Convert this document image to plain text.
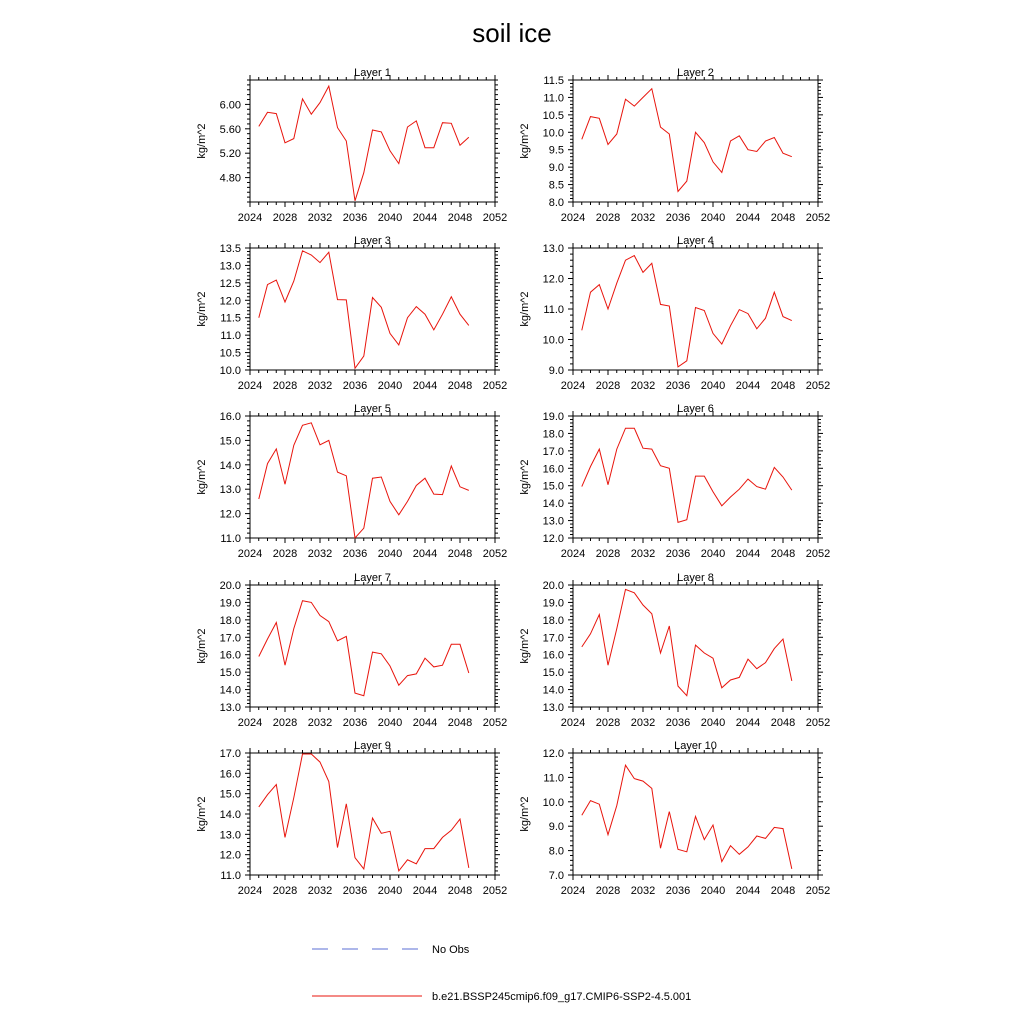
soil ice
Layer 1
2024 2028 2032 2036 2040 2044 2048 2052
4.80
5.20
5.60
6.00
kg/m^2
Layer 2
2024 2028 2032 2036 2040 2044 2048 2052
8.0
8.5
9.0
9.5
10.0
10.5
11.0
11.5
kg/m^2
Layer 3
2024 2028 2032 2036 2040 2044 2048 2052
10.0
10.5
11.0
11.5
12.0
12.5
13.0
13.5
kg/m^2
Layer 4
2024 2028 2032 2036 2040 2044 2048 2052
9.0
10.0
11.0
12.0
13.0
kg/m^2
Layer 5
2024 2028 2032 2036 2040 2044 2048 2052
11.0
12.0
13.0
14.0
15.0
16.0
kg/m^2
Layer 6
2024 2028 2032 2036 2040 2044 2048 2052
12.0
13.0
14.0
15.0
16.0
17.0
18.0
19.0
kg/m^2
Layer 7
2024 2028 2032 2036 2040 2044 2048 2052
13.0
14.0
15.0
16.0
17.0
18.0
19.0
20.0
kg/m^2
Layer 8
2024 2028 2032 2036 2040 2044 2048 2052
13.0
14.0
15.0
16.0
17.0
18.0
19.0
20.0
kg/m^2
Layer 9
2024 2028 2032 2036 2040 2044 2048 2052
11.0
12.0
13.0
14.0
15.0
16.0
17.0
kg/m^2
Layer 10
2024 2028 2032 2036 2040 2044 2048 2052
7.0
8.0
9.0
10.0
11.0
12.0
kg/m^2
No Obs
b.e21.BSSP245cmip6.f09_g17.CMIP6-SSP2-4.5.001
